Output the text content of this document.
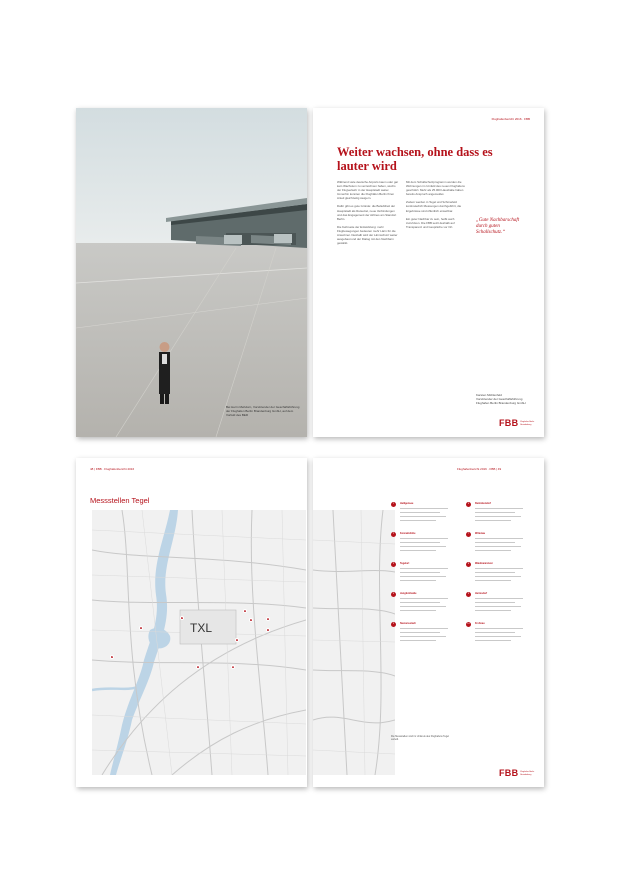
Bei Herrn Mehdorn, Vorsitzender der Geschäftsführung der Flughafen Berlin Brandenburg GmbH, auf dem Vorfeld des BER
Flughafenbericht 2016 · FBB
Weiter wachsen, ohne dass es lauter wird

Während viele deutsche Airports kaum oder gar kein Wachstum zu verzeichnen haben, wuchs der Flugverkehr in der Hauptstadt weiter. Immerhin konnten die Flughäfen Berlin Ihren Anteil gleichzeitig steigern.

Dafür gibt es gute Gründe: die Beliebtheit der Hauptstadt als Reiseziel, neue Verbindungen und das Engagement der Airlines am Standort Berlin.

Die Kehrseite der Entwicklung: mehr Flugbewegungen bedeuten mehr Lärm für die Anwohner. Deshalb wird der Lärmschutz weiter ausgebaut und der Dialog mit den Nachbarn gestärkt.

Mit dem Schallschutzprogramm werden die Wohnungen im Umfeld des neuen Flughafens geschützt. Mehr als 25.000 Haushalte haben bereits Anspruch angemeldet.

Zudem werden in Tegel und Schönefeld kontinuierlich Messungen durchgeführt, die Ergebnisse sind öffentlich einsehbar.

Ein guter Nachbar zu sein, heißt auch zuzuhören. Die FBB setzt deshalb auf Transparenz und Gespräche vor Ort.

„Gute Nachbarschaft durch guten Schallschutz.“
Karsten Mühlenfeld
Vorsitzender der Geschäftsführung
Flughafen Berlin Brandenburg GmbH
FBB Flughafen Berlin Brandenburg
48 | FBB · Flughafenbericht 2016
Messstellen Tegel
TXL
1
2
3
4
5	6
7
8
9
10
Flughafenbericht 2016 · FBB | 49
1	Heiligensee
2	Konradshöhe
3	Tegelort
4	Jungfernheide
5	Siemensstadt
6	Reinickendorf
7	Wittenau
8	Waidmannslust
9	Hermsdorf
10	Frohnau
Die Messstellen sind im Umkreis des Flughafens Tegel verteilt.
FBB Flughafen Berlin Brandenburg
